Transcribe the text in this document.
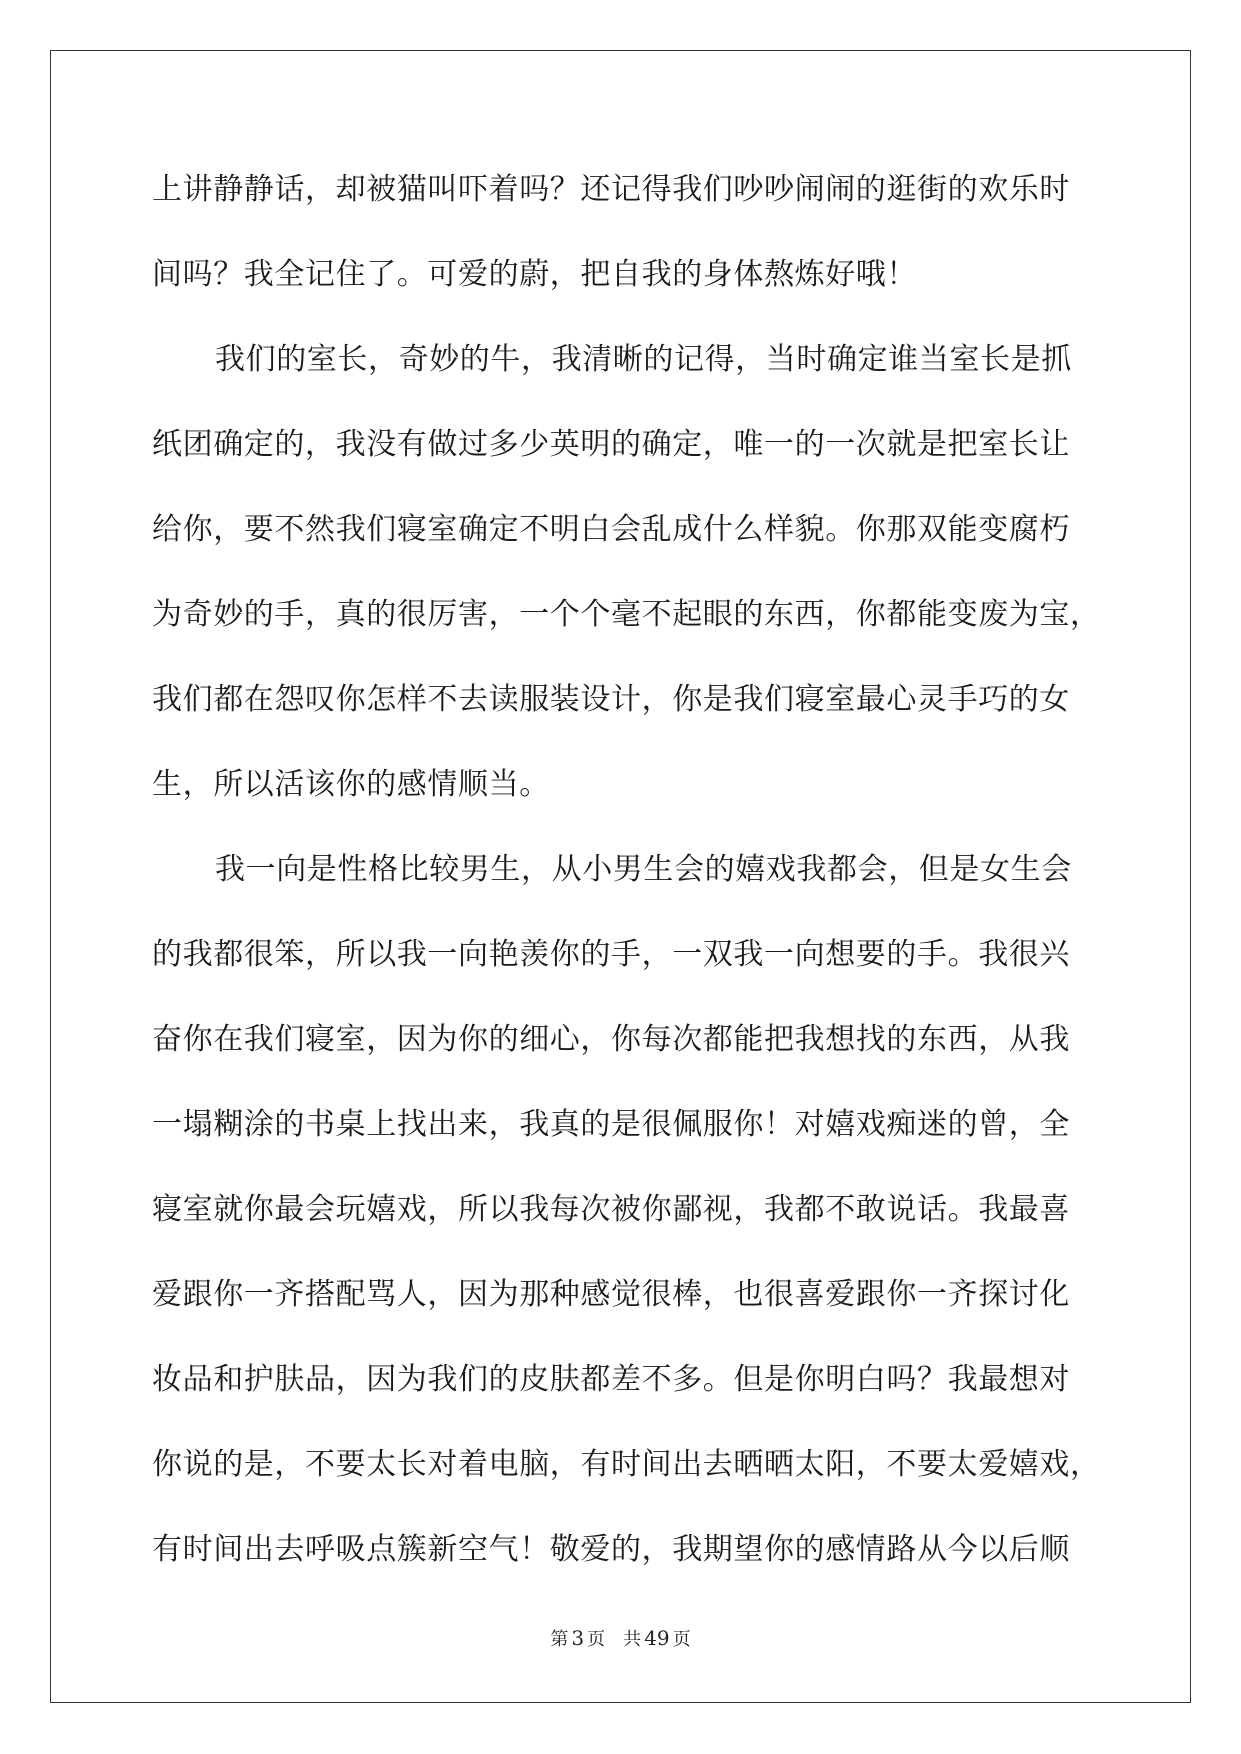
上讲静静话，却被猫叫吓着吗？还记得我们吵吵闹闹的逛街的欢乐时
间吗？我全记住了。可爱的蔚，把自我的身体熬炼好哦！
我们的室长，奇妙的牛，我清晰的记得，当时确定谁当室长是抓
纸团确定的，我没有做过多少英明的确定，唯一的一次就是把室长让
给你，要不然我们寝室确定不明白会乱成什么样貌。你那双能变腐朽
为奇妙的手，真的很厉害，一个个毫不起眼的东西，你都能变废为宝，
我们都在怨叹你怎样不去读服装设计，你是我们寝室最心灵手巧的女
生，所以活该你的感情顺当。
我一向是性格比较男生，从小男生会的嬉戏我都会，但是女生会
的我都很笨，所以我一向艳羡你的手，一双我一向想要的手。我很兴
奋你在我们寝室，因为你的细心，你每次都能把我想找的东西，从我
一塌糊涂的书桌上找出来，我真的是很佩服你！对嬉戏痴迷的曾，全
寝室就你最会玩嬉戏，所以我每次被你鄙视，我都不敢说话。我最喜
爱跟你一齐搭配骂人，因为那种感觉很棒，也很喜爱跟你一齐探讨化
妆品和护肤品，因为我们的皮肤都差不多。但是你明白吗？我最想对
你说的是，不要太长对着电脑，有时间出去晒晒太阳，不要太爱嬉戏，
有时间出去呼吸点簇新空气！敬爱的，我期望你的感情路从今以后顺
第 3 页 共 49 页
